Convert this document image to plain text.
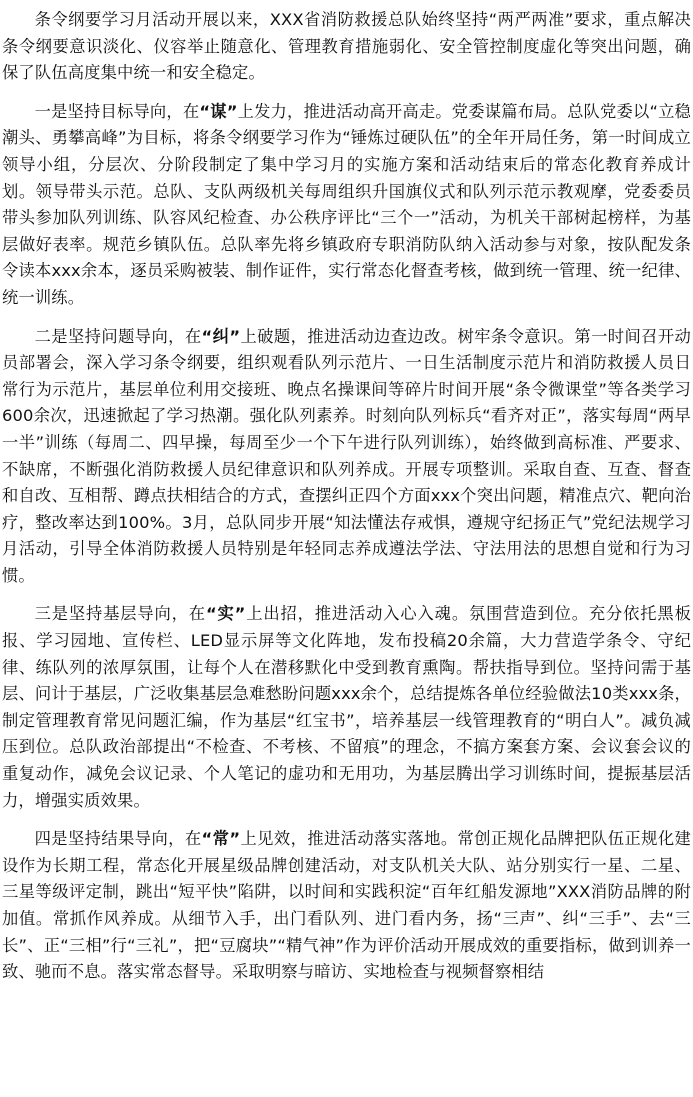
条令纲要学习月活动开展以来，XXX省消防救援总队始终坚持“两严两准”要求，重点解决条令纲要意识淡化、仪容举止随意化、管理教育措施弱化、安全管控制度虚化等突出问题，确保了队伍高度集中统一和安全稳定。

一是坚持目标导向，在“谋”上发力，推进活动高开高走。党委谋篇布局。总队党委以“立稳潮头、勇攀高峰”为目标，将条令纲要学习作为“锤炼过硬队伍”的全年开局任务，第一时间成立领导小组，分层次、分阶段制定了集中学习月的实施方案和活动结束后的常态化教育养成计划。领导带头示范。总队、支队两级机关每周组织升国旗仪式和队列示范示教观摩，党委委员带头参加队列训练、队容风纪检查、办公秩序评比“三个一”活动，为机关干部树起榜样，为基层做好表率。规范乡镇队伍。总队率先将乡镇政府专职消防队纳入活动参与对象，按队配发条令读本xxx余本，逐员采购被装、制作证件，实行常态化督查考核，做到统一管理、统一纪律、统一训练。

二是坚持问题导向，在“纠”上破题，推进活动边查边改。树牢条令意识。第一时间召开动员部署会，深入学习条令纲要，组织观看队列示范片、一日生活制度示范片和消防救援人员日常行为示范片，基层单位利用交接班、晚点名操课间等碎片时间开展“条令微课堂”等各类学习600余次，迅速掀起了学习热潮。强化队列素养。时刻向队列标兵“看齐对正”，落实每周“两早一半”训练（每周二、四早操，每周至少一个下午进行队列训练），始终做到高标准、严要求、不缺席，不断强化消防救援人员纪律意识和队列养成。开展专项整训。采取自查、互查、督查和自改、互相帮、蹲点扶相结合的方式，查摆纠正四个方面xxx个突出问题，精准点穴、靶向治疗，整改率达到100%。3月，总队同步开展“知法懂法存戒惧，遵规守纪扬正气”党纪法规学习月活动，引导全体消防救援人员特别是年轻同志养成遵法学法、守法用法的思想自觉和行为习惯。

三是坚持基层导向，在“实”上出招，推进活动入心入魂。氛围营造到位。充分依托黑板报、学习园地、宣传栏、LED显示屏等文化阵地，发布投稿20余篇，大力营造学条令、守纪律、练队列的浓厚氛围，让每个人在潜移默化中受到教育熏陶。帮扶指导到位。坚持问需于基层、问计于基层，广泛收集基层急难愁盼问题xxx余个，总结提炼各单位经验做法10类xxx条，制定管理教育常见问题汇编，作为基层“红宝书”，培养基层一线管理教育的“明白人”。减负减压到位。总队政治部提出“不检查、不考核、不留痕”的理念，不搞方案套方案、会议套会议的重复动作，减免会议记录、个人笔记的虚功和无用功，为基层腾出学习训练时间，提振基层活力，增强实质效果。

四是坚持结果导向，在“常”上见效，推进活动落实落地。常创正规化品牌把队伍正规化建设作为长期工程，常态化开展星级品牌创建活动，对支队机关大队、站分别实行一星、二星、三星等级评定制，跳出“短平快”陷阱，以时间和实践积淀“百年红船发源地”XXX消防品牌的附加值。常抓作风养成。从细节入手，出门看队列、进门看内务，扬“三声”、纠“三手”、去“三长”、正“三相”行“三礼”，把“豆腐块”“精气神”作为评价活动开展成效的重要指标，做到训养一致、驰而不息。落实常态督导。采取明察与暗访、实地检查与视频督察相结
